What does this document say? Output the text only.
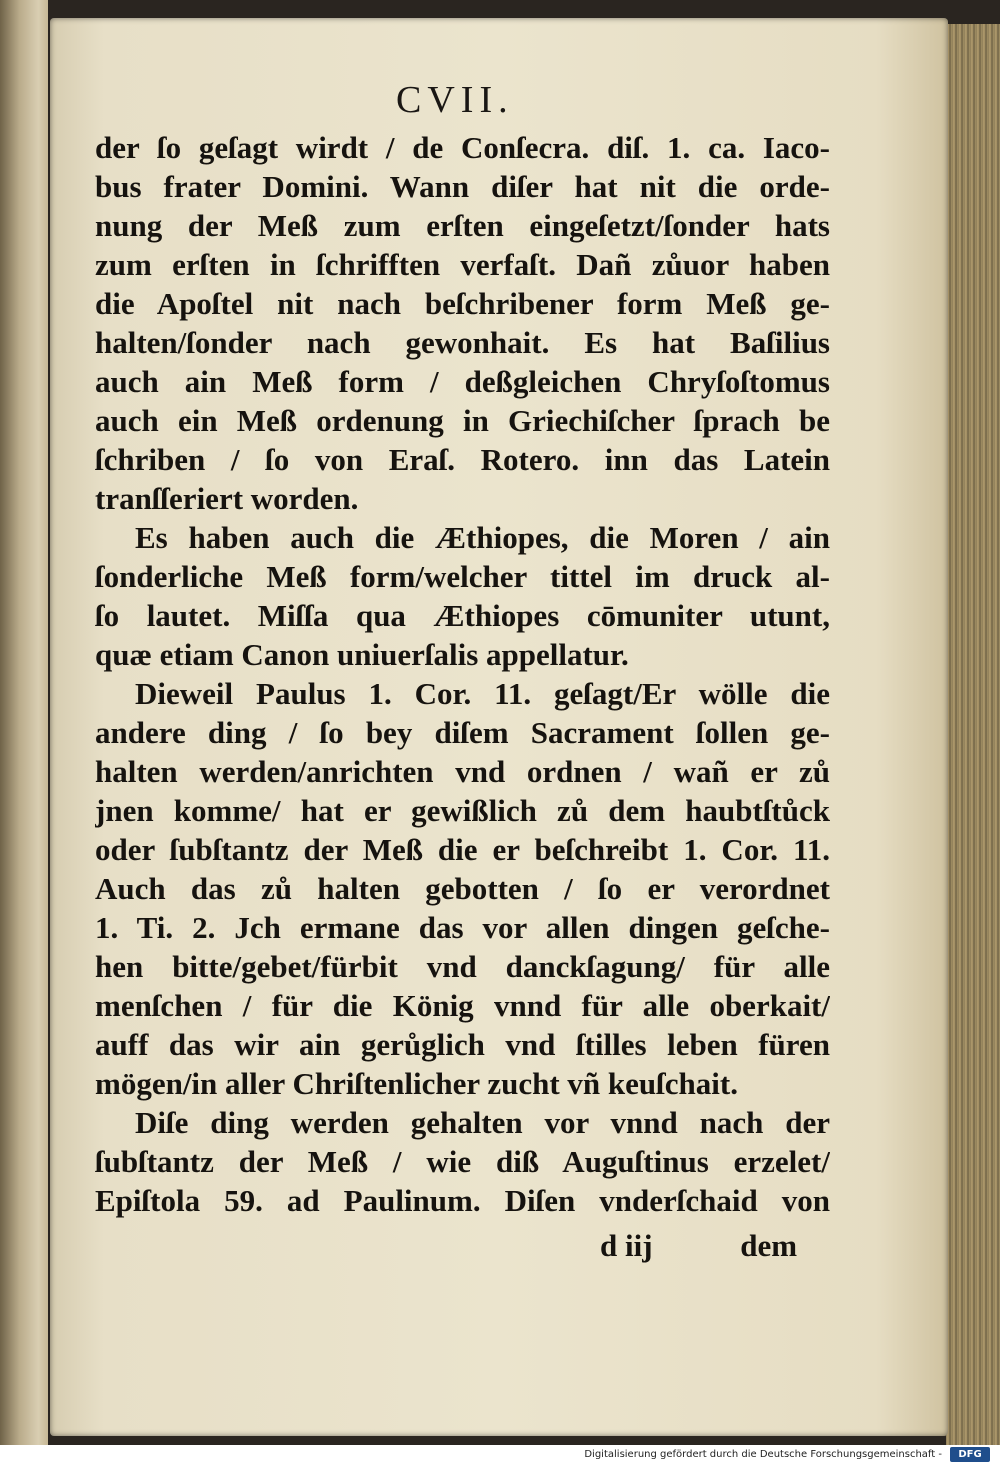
CVII.
der ſo geſagt wirdt / de Conſecra. diſ. 1. ca. Iaco-
bus frater Domini. Wann diſer hat nit die orde-
nung der Meß zum erſten eingeſetzt/ſonder hats
zum erſten in ſchrifften verfaſt. Dañ zůuor haben
die Apoſtel nit nach beſchribener form Meß ge-
halten/ſonder nach gewonhait. Es hat Baſilius
auch ain Meß form / deßgleichen Chryſoſtomus
auch ein Meß ordenung in Griechiſcher ſprach be
ſchriben / ſo von Eraſ. Rotero. inn das Latein
tranſſeriert worden.
Es haben auch die Æthiopes, die Moren / ain
ſonderliche Meß form/welcher tittel im druck al-
ſo lautet. Miſſa qua Æthiopes cōmuniter utunt,
quæ etiam Canon uniuerſalis appellatur.
Dieweil Paulus 1. Cor. 11. geſagt/Er wölle die
andere ding / ſo bey diſem Sacrament ſollen ge-
halten werden/anrichten vnd ordnen / wañ er zů
jnen komme/ hat er gewißlich zů dem haubtſtůck
oder ſubſtantz der Meß die er beſchreibt 1. Cor. 11.
Auch das zů halten gebotten / ſo er verordnet
1. Ti. 2. Jch ermane das vor allen dingen geſche-
hen bitte/gebet/fürbit vnd danckſagung/ für alle
menſchen / für die König vnnd für alle oberkait/
auff das wir ain gerůglich vnd ſtilles leben füren
mögen/in aller Chriſtenlicher zucht vñ keuſchait.
Diſe ding werden gehalten vor vnnd nach der
ſubſtantz der Meß / wie diß Auguſtinus erzelet/
Epiſtola 59. ad Paulinum. Diſen vnderſchaid von
d iij	dem
Digitalisierung gefördert durch die Deutsche Forschungsgemeinschaft -	DFG
